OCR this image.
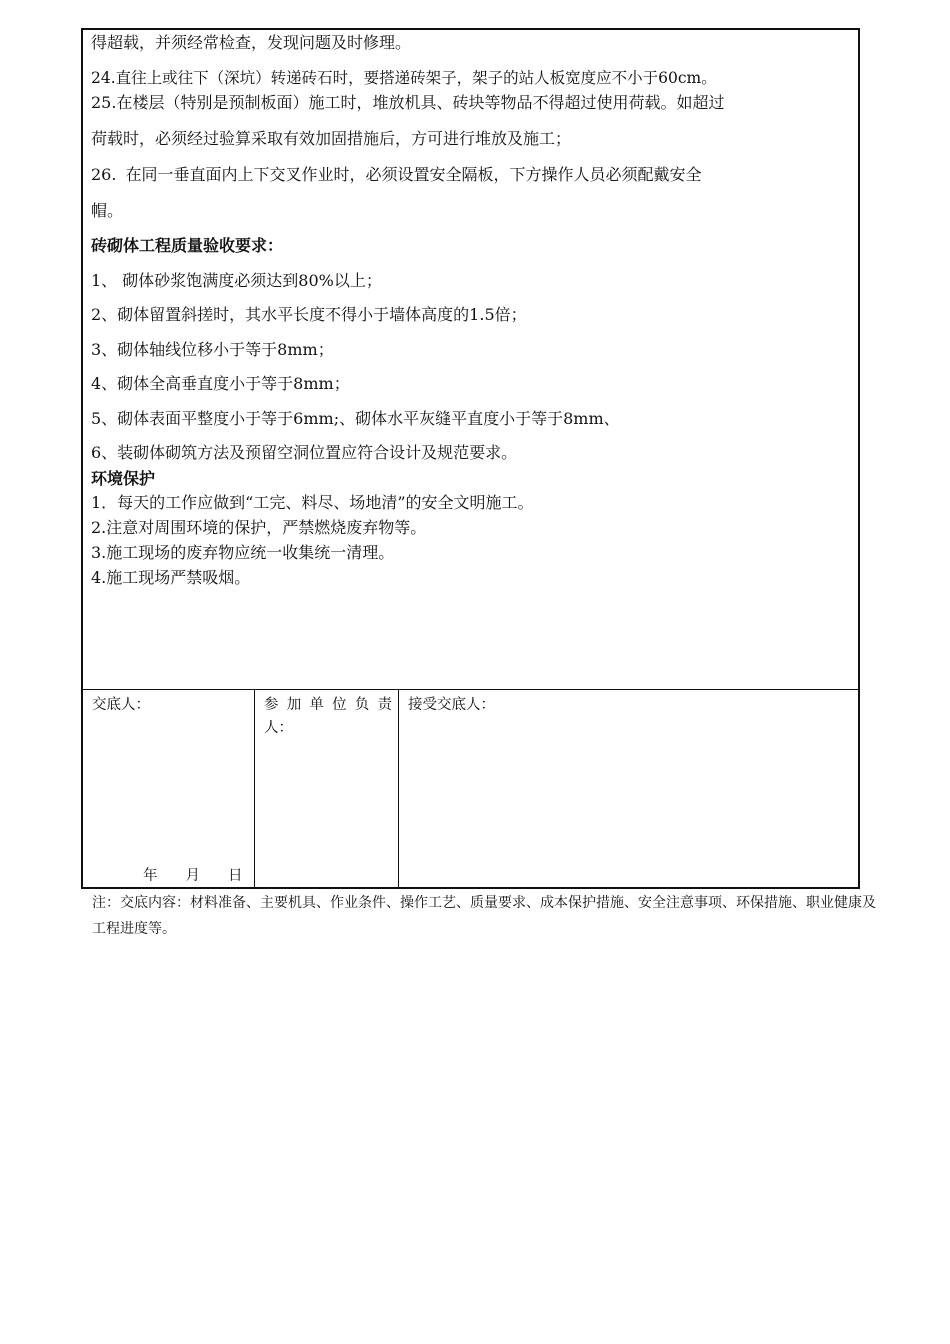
得超载，并须经常检查，发现问题及时修理。
24.直往上或往下（深坑）转递砖石时，要搭递砖架子，架子的站人板宽度应不小于60cm。
25.在楼层（特别是预制板面）施工时，堆放机具、砖块等物品不得超过使用荷载。如超过
荷载时，必须经过验算采取有效加固措施后，方可进行堆放及施工；
26. 在同一垂直面内上下交叉作业时，必须设置安全隔板，下方操作人员必须配戴安全
帽。
砖砌体工程质量验收要求：
1、 砌体砂浆饱满度必须达到80%以上；
2、砌体留置斜搓时，其水平长度不得小于墙体高度的1.5倍；
3、砌体轴线位移小于等于8mm；
4、砌体全高垂直度小于等于8mm；
5、砌体表面平整度小于等于6mm;、砌体水平灰缝平直度小于等于8mm、
6、装砌体砌筑方法及预留空洞位置应符合设计及规范要求。
环境保护
1．每天的工作应做到“工完、料尽、场地清”的安全文明施工。
2.注意对周围环境的保护，严禁燃烧废弃物等。
3.施工现场的废弃物应统一收集统一清理。
4.施工现场严禁吸烟。
交底人：
年 月 日
参加单位负责
人：
接受交底人：
注：交底内容：材料准备、主要机具、作业条件、操作工艺、质量要求、成本保护措施、安全注意事项、环保措施、职业健康及工程进度等。
